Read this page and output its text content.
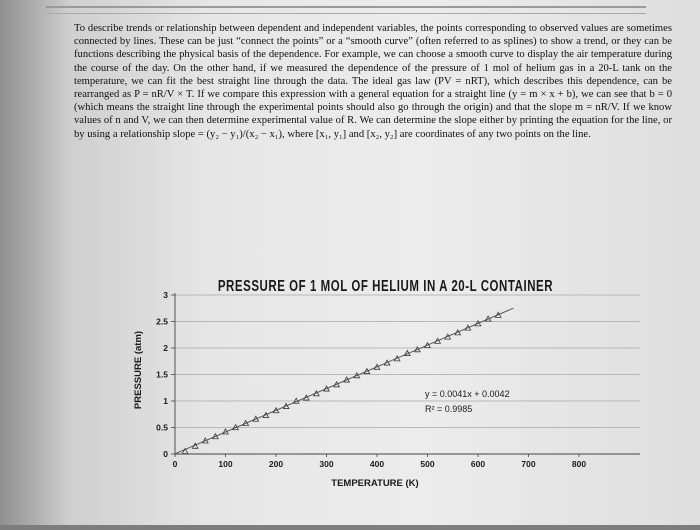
To describe trends or relationship between dependent and independent variables, the points corresponding to observed values are sometimes connected by lines. These can be just “connect the points” or a “smooth curve” (often referred to as splines) to show a trend, or they can be functions describing the physical basis of the dependence. For example, we can choose a smooth curve to display the air temperature during the course of the day. On the other hand, if we measured the dependence of the pressure of 1 mol of helium gas in a 20-L tank on the temperature, we can fit the best straight line through the data. The ideal gas law (PV = nRT), which describes this dependence, can be rearranged as P = nR/V × T. If we compare this expression with a general equation for a straight line (y = m × x + b), we can see that b = 0 (which means the straight line through the experimental points should also go through the origin) and that the slope m = nR/V. If we know values of n and V, we can then determine experimental value of R. We can determine the slope either by printing the equation for the line, or by using a relationship slope = (y₂ − y₁)/(x₂ − x₁), where [x₁, y₁] and [x₂, y₂] are coordinates of any two points on the line.

0
0.5
1
1.5
2
2.5
3
0	100	200	300	400	500	600	700	800
PRESSURE OF 1 MOL OF HELIUM IN A 20-L CONTAINER
TEMPERATURE (K)
PRESSURE (atm)	y = 0.0041x + 0.0042
R² = 0.9985
